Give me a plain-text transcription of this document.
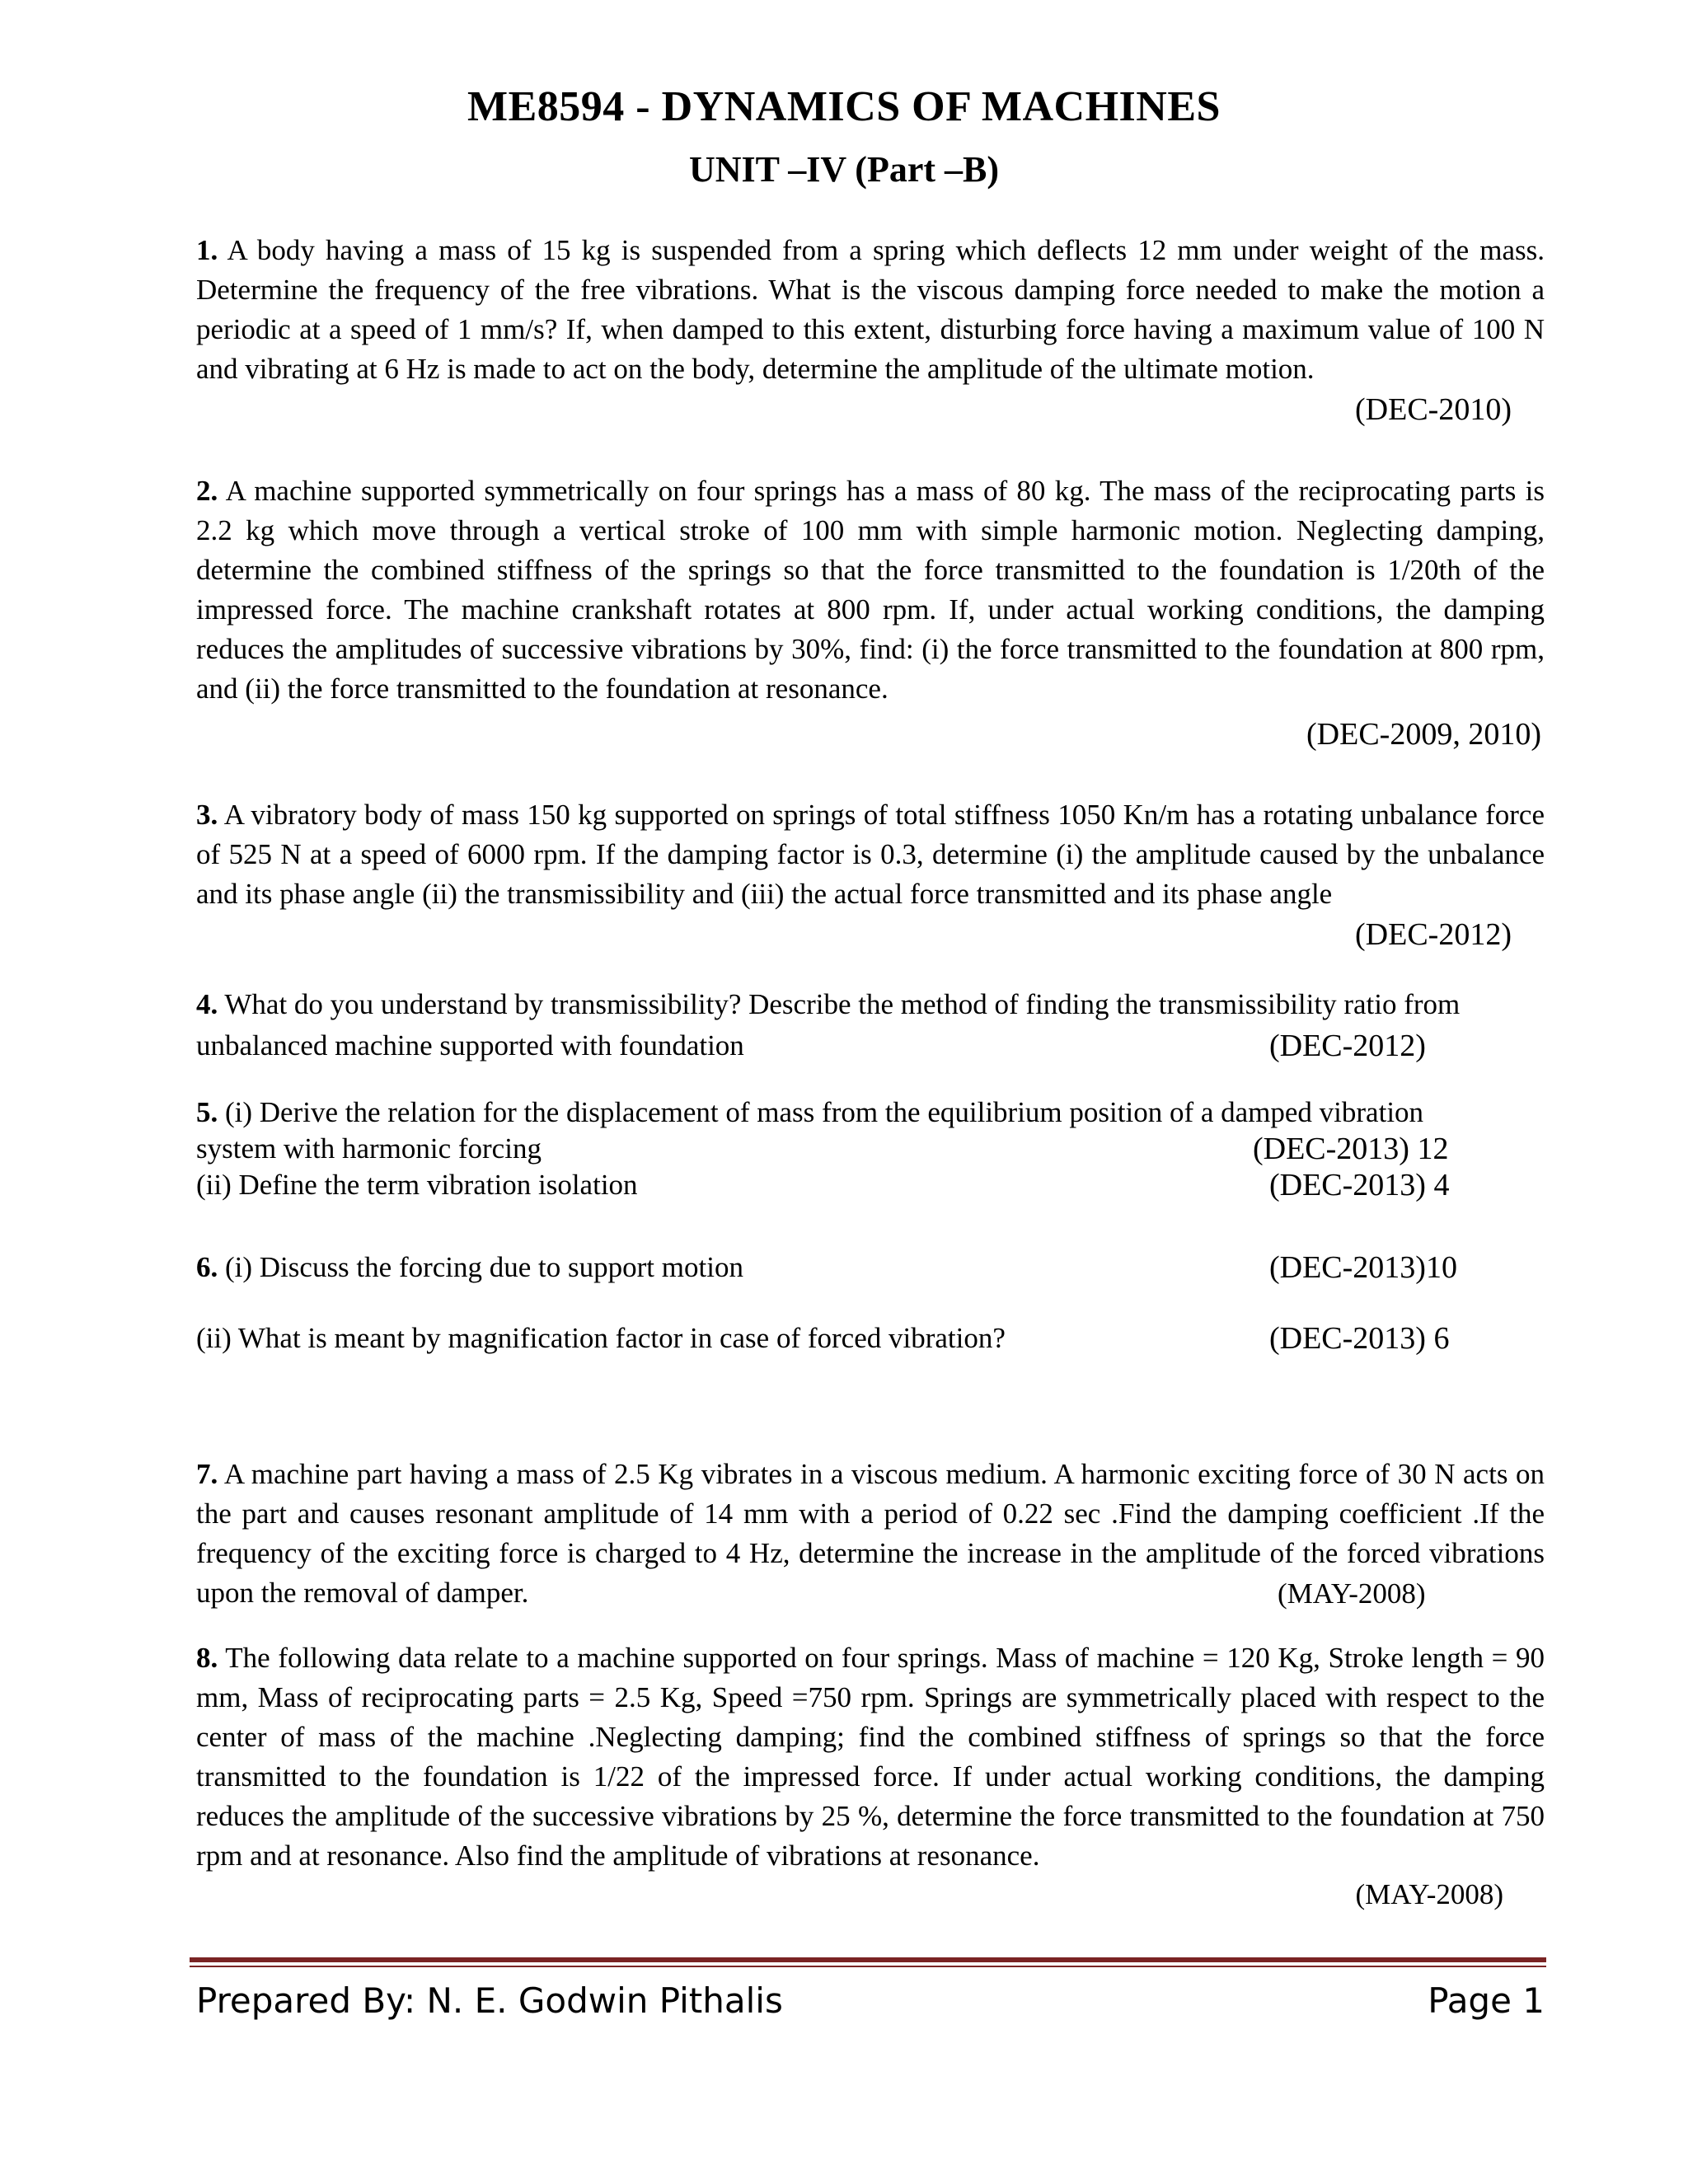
ME8594 - DYNAMICS OF MACHINES
UNIT –IV (Part –B)
1. A body having a mass of 15 kg is suspended from a spring which deflects 12 mm under weight of the mass. Determine the frequency of the free vibrations. What is the viscous damping force needed to make the motion a periodic at a speed of 1 mm/s? If, when damped to this extent, disturbing force having a maximum value of 100 N and vibrating at 6 Hz is made to act on the body, determine the amplitude of the ultimate motion.
(DEC-2010)
2. A machine supported symmetrically on four springs has a mass of 80 kg. The mass of the reciprocating parts is 2.2 kg which move through a vertical stroke of 100 mm with simple harmonic motion. Neglecting damping, determine the combined stiffness of the springs so that the force transmitted to the foundation is 1/20th of the impressed force. The machine crankshaft rotates at 800 rpm. If, under actual working conditions, the damping reduces the amplitudes of successive vibrations by 30%, find: (i) the force transmitted to the foundation at 800 rpm, and (ii) the force transmitted to the foundation at resonance.
(DEC-2009, 2010)
3. A vibratory body of mass 150 kg supported on springs of total stiffness 1050 Kn/m has a rotating unbalance force of 525 N at a speed of 6000 rpm. If the damping factor is 0.3, determine (i) the amplitude caused by the unbalance and its phase angle (ii) the transmissibility and (iii) the actual force transmitted and its phase angle
(DEC-2012)
4. What do you understand by transmissibility? Describe the method of finding the transmissibility ratio from
unbalanced machine supported with foundation	(DEC-2012)
5. (i) Derive the relation for the displacement of mass from the equilibrium position of a damped vibration
system with harmonic forcing	(DEC-2013) 12
(ii) Define the term vibration isolation	(DEC-2013) 4
6. (i) Discuss the forcing due to support motion	(DEC-2013)10
(ii) What is meant by magnification factor in case of forced vibration?	(DEC-2013) 6
7. A machine part having a mass of 2.5 Kg vibrates in a viscous medium. A harmonic exciting force of 30 N acts on the part and causes resonant amplitude of 14 mm with a period of 0.22 sec .Find the damping coefficient .If the frequency of the exciting force is charged to 4 Hz, determine the increase in the amplitude of the forced vibrations upon the removal of damper.	(MAY-2008)
8. The following data relate to a machine supported on four springs. Mass of machine = 120 Kg, Stroke length = 90 mm, Mass of reciprocating parts = 2.5 Kg, Speed =750 rpm. Springs are symmetrically placed with respect to the center of mass of the machine .Neglecting damping; find the combined stiffness of springs so that the force transmitted to the foundation is 1/22 of the impressed force. If under actual working conditions, the damping reduces the amplitude of the successive vibrations by 25 %, determine the force transmitted to the foundation at 750 rpm and at resonance. Also find the amplitude of vibrations at resonance.
(MAY-2008)
Prepared By: N. E. Godwin Pithalis	Page 1
